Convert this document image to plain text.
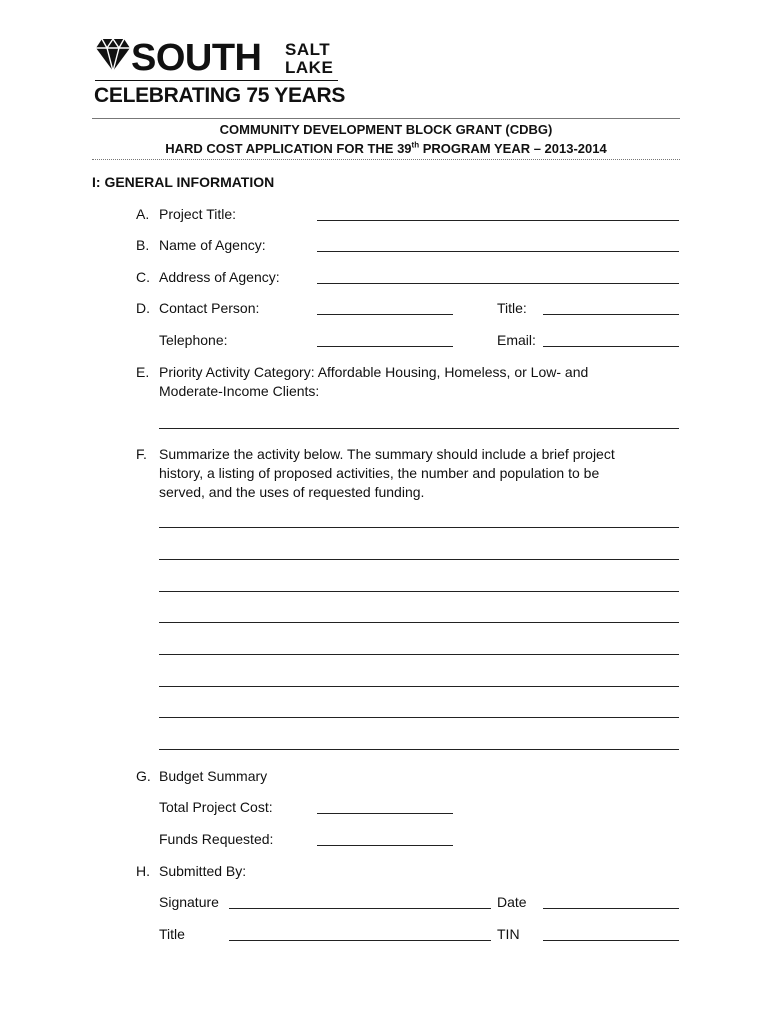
SOUTH SALT
LAKE
CELEBRATING 75 YEARS
COMMUNITY DEVELOPMENT BLOCK GRANT (CDBG)
HARD COST APPLICATION FOR THE 39th PROGRAM YEAR – 2013-2014
I: GENERAL INFORMATION
A. Project Title:
B. Name of Agency:
C. Address of Agency:
D. Contact Person:	Title:
Telephone:	Email:
E. Priority Activity Category: Affordable Housing, Homeless, or Low- and
Moderate-Income Clients:
F. Summarize the activity below. The summary should include a brief project
history, a listing of proposed activities, the number and population to be
served, and the uses of requested funding.
G. Budget Summary
Total Project Cost:
Funds Requested:
H. Submitted By:
Signature	Date
Title	TIN
